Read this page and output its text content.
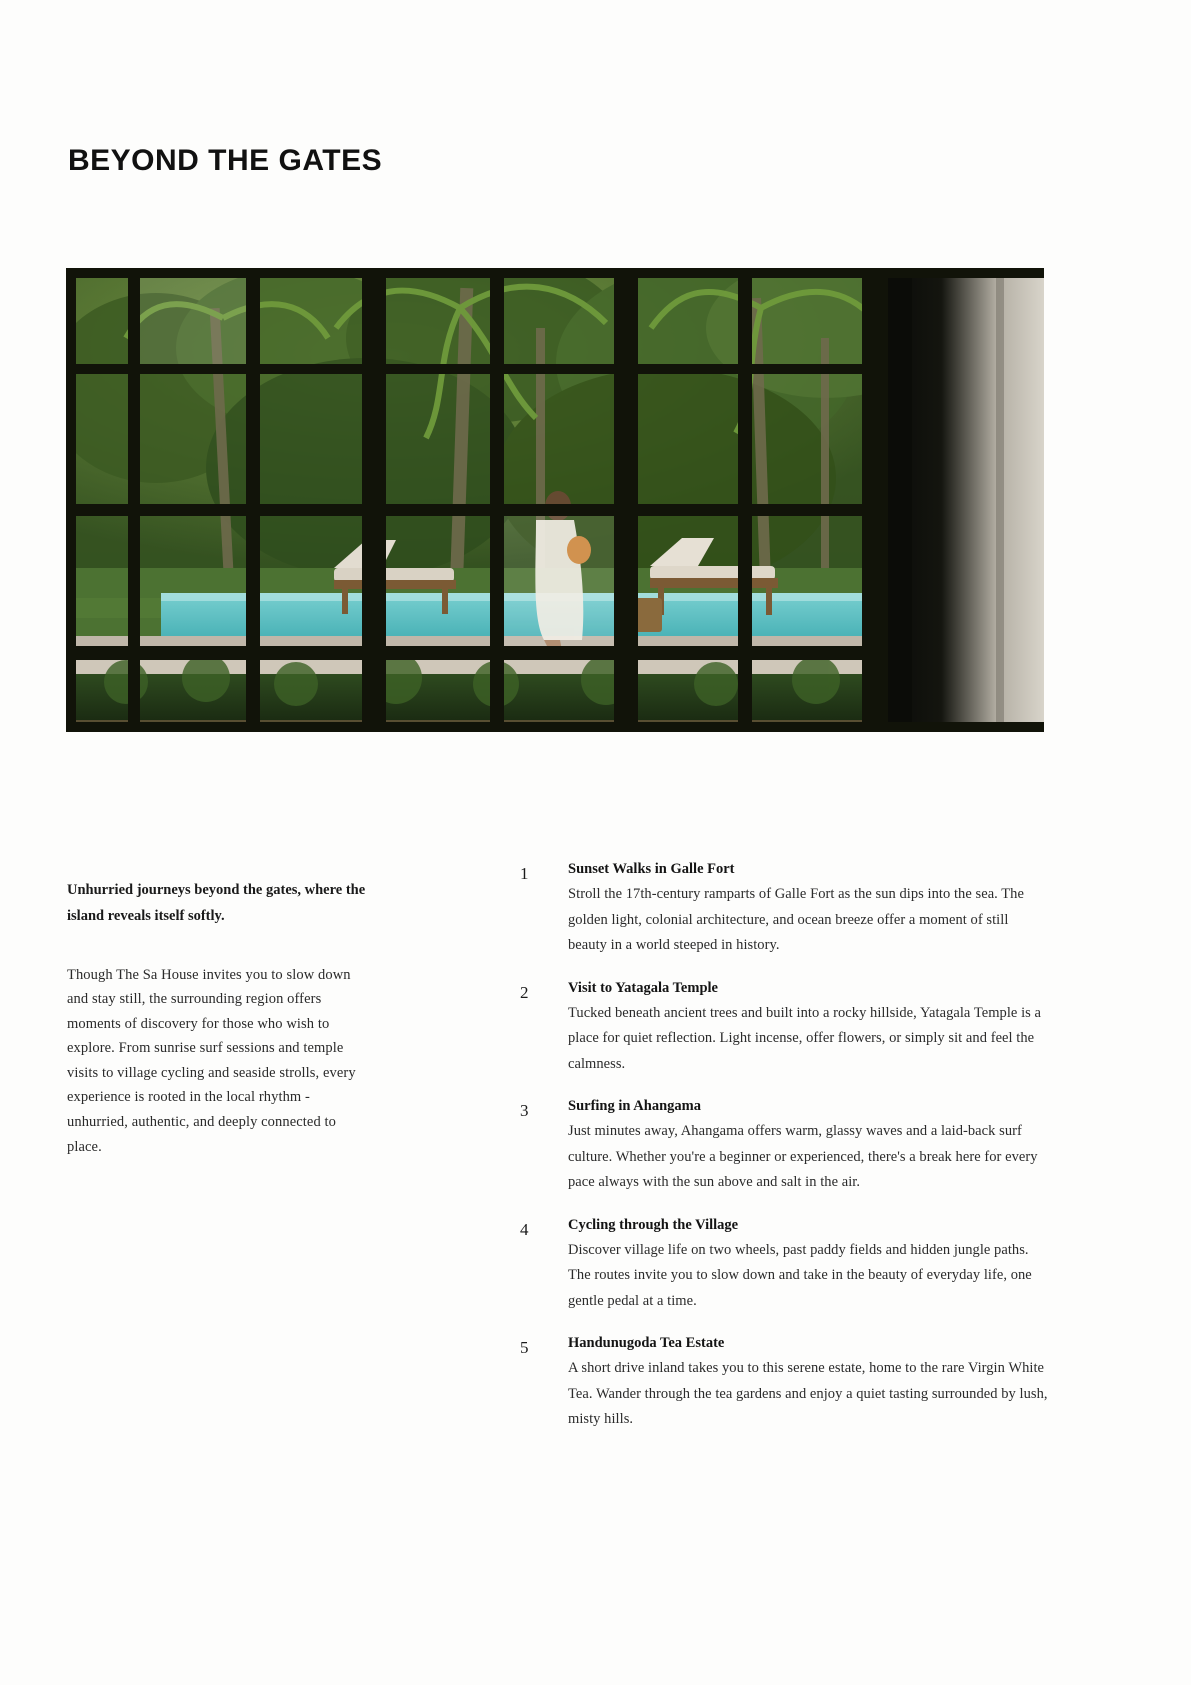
BEYOND THE GATES

Unhurried journeys beyond the gates, where the island reveals itself softly.

Though The Sa House invites you to slow down and stay still, the surrounding region offers moments of discovery for those who wish to explore. From sunrise surf sessions and temple visits to village cycling and seaside strolls, every experience is rooted in the local rhythm - unhurried, authentic, and deeply connected to place.

1	Sunset Walks in Galle Fort
Stroll the 17th-century ramparts of Galle Fort as the sun dips into the sea. The golden light, colonial architecture, and ocean breeze offer a moment of still beauty in a world steeped in history.
2	Visit to Yatagala Temple
Tucked beneath ancient trees and built into a rocky hillside, Yatagala Temple is a place for quiet reflection. Light incense, offer flowers, or simply sit and feel the calmness.
3	Surfing in Ahangama
Just minutes away, Ahangama offers warm, glassy waves and a laid-back surf culture. Whether you're a beginner or experienced, there's a break here for every pace always with the sun above and salt in the air.
4	Cycling through the Village
Discover village life on two wheels, past paddy fields and hidden jungle paths. The routes invite you to slow down and take in the beauty of everyday life, one gentle pedal at a time.
5	Handunugoda Tea Estate
A short drive inland takes you to this serene estate, home to the rare Virgin White Tea. Wander through the tea gardens and enjoy a quiet tasting surrounded by lush, misty hills.
